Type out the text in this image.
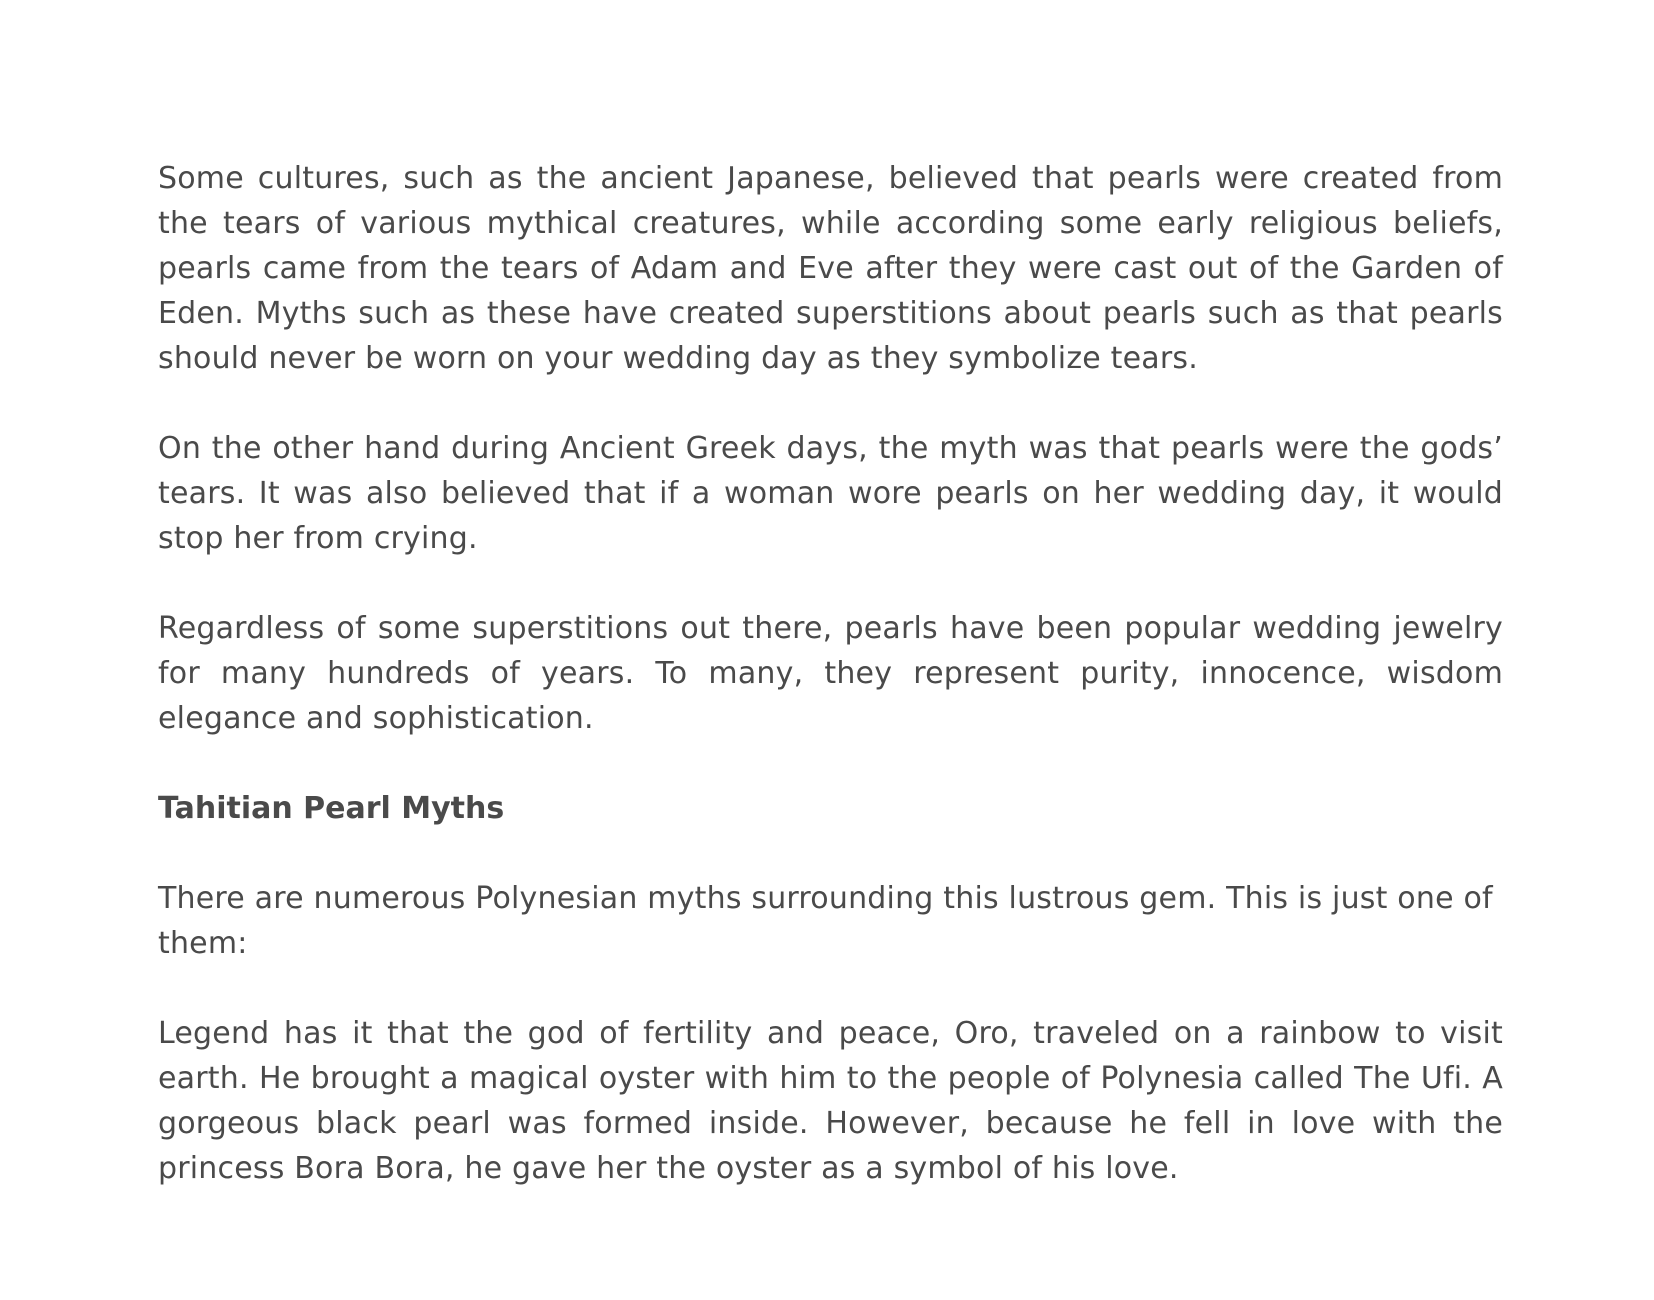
Some cultures, such as the ancient Japanese, believed that pearls were created from the tears of various mythical creatures, while according some early religious beliefs, pearls came from the tears of Adam and Eve after they were cast out of the Garden of Eden. Myths such as these have created superstitions about pearls such as that pearls should never be worn on your wedding day as they symbolize tears.

On the other hand during Ancient Greek days, the myth was that pearls were the gods’ tears. It was also believed that if a woman wore pearls on her wedding day, it would stop her from crying.

Regardless of some superstitions out there, pearls have been popular wedding jewelry for many hundreds of years. To many, they represent purity, innocence, wisdom elegance and sophistication.

Tahitian Pearl Myths

There are numerous Polynesian myths surrounding this lustrous gem. This is just one of them:

Legend has it that the god of fertility and peace, Oro, traveled on a rainbow to visit earth. He brought a magical oyster with him to the people of Polynesia called The Ufi. A gorgeous black pearl was formed inside. However, because he fell in love with the princess Bora Bora, he gave her the oyster as a symbol of his love.
